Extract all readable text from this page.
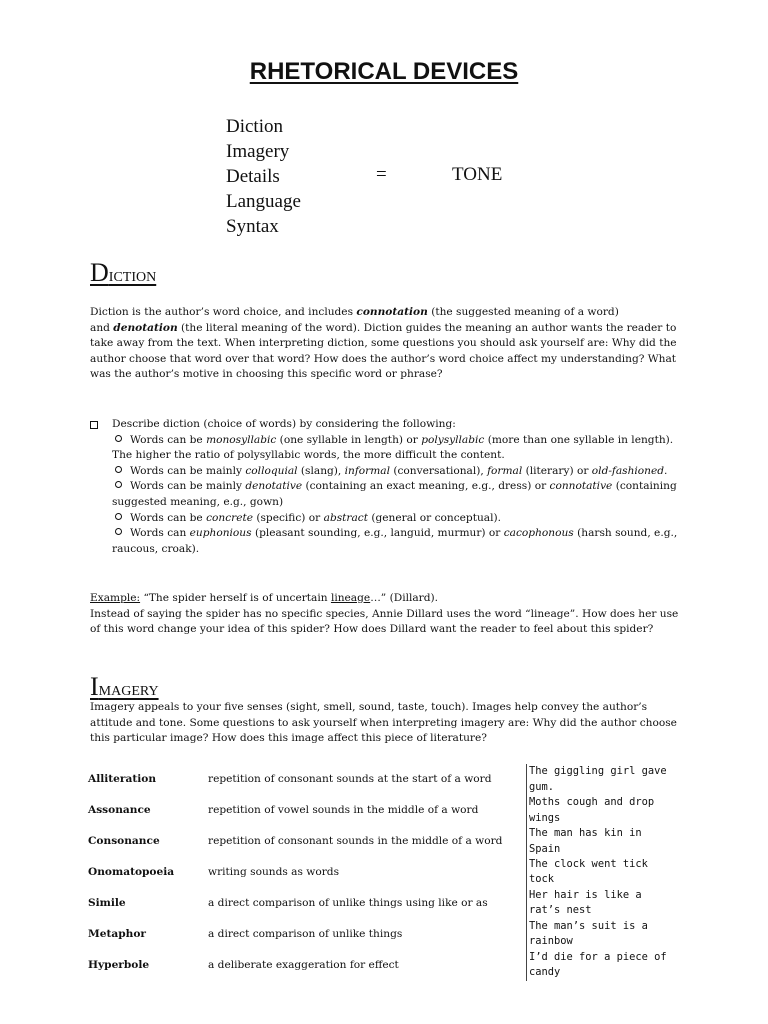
RHETORICAL DEVICES
Diction
Imagery
Details
Language
Syntax
=	TONE
Diction
Diction is the author’s word choice, and includes connotation (the suggested meaning of a word)
and denotation (the literal meaning of the word). Diction guides the meaning an author wants the reader to take away from the text. When interpreting diction, some questions you should ask yourself are: Why did the author choose that word over that word? How does the author’s word choice affect my understanding? What was the author’s motive in choosing this specific word or phrase?
Describe diction (choice of words) by considering the following:
Words can be monosyllabic (one syllable in length) or polysyllabic (more than one syllable in length). The higher the ratio of polysyllabic words, the more difficult the content.
Words can be mainly colloquial (slang), informal (conversational), formal (literary) or old-fashioned.
Words can be mainly denotative (containing an exact meaning, e.g., dress) or connotative (containing suggested meaning, e.g., gown)
Words can be concrete (specific) or abstract (general or conceptual).
Words can euphonious (pleasant sounding, e.g., languid, murmur) or cacophonous (harsh sound, e.g., raucous, croak).
Example: “The spider herself is of uncertain lineage…” (Dillard).
Instead of saying the spider has no specific species, Annie Dillard uses the word “lineage”. How does her use of this word change your idea of this spider? How does Dillard want the reader to feel about this spider?
Imagery
Imagery appeals to your five senses (sight, smell, sound, taste, touch). Images help convey the author’s attitude and tone. Some questions to ask yourself when interpreting imagery are: Why did the author choose this particular image? How does this image affect this piece of literature?
Alliteration	repetition of consonant sounds at the start of a word	The giggling girl gave gum.
Assonance	repetition of vowel sounds in the middle of a word	Moths cough and drop wings
Consonance	repetition of consonant sounds in the middle of a word	The man has kin in Spain
Onomatopoeia	writing sounds as words	The clock went tick tock
Simile	a direct comparison of unlike things using like or as	Her hair is like a rat’s nest
Metaphor	a direct comparison of unlike things	The man’s suit is a rainbow
Hyperbole	a deliberate exaggeration for effect	I’d die for a piece of candy
